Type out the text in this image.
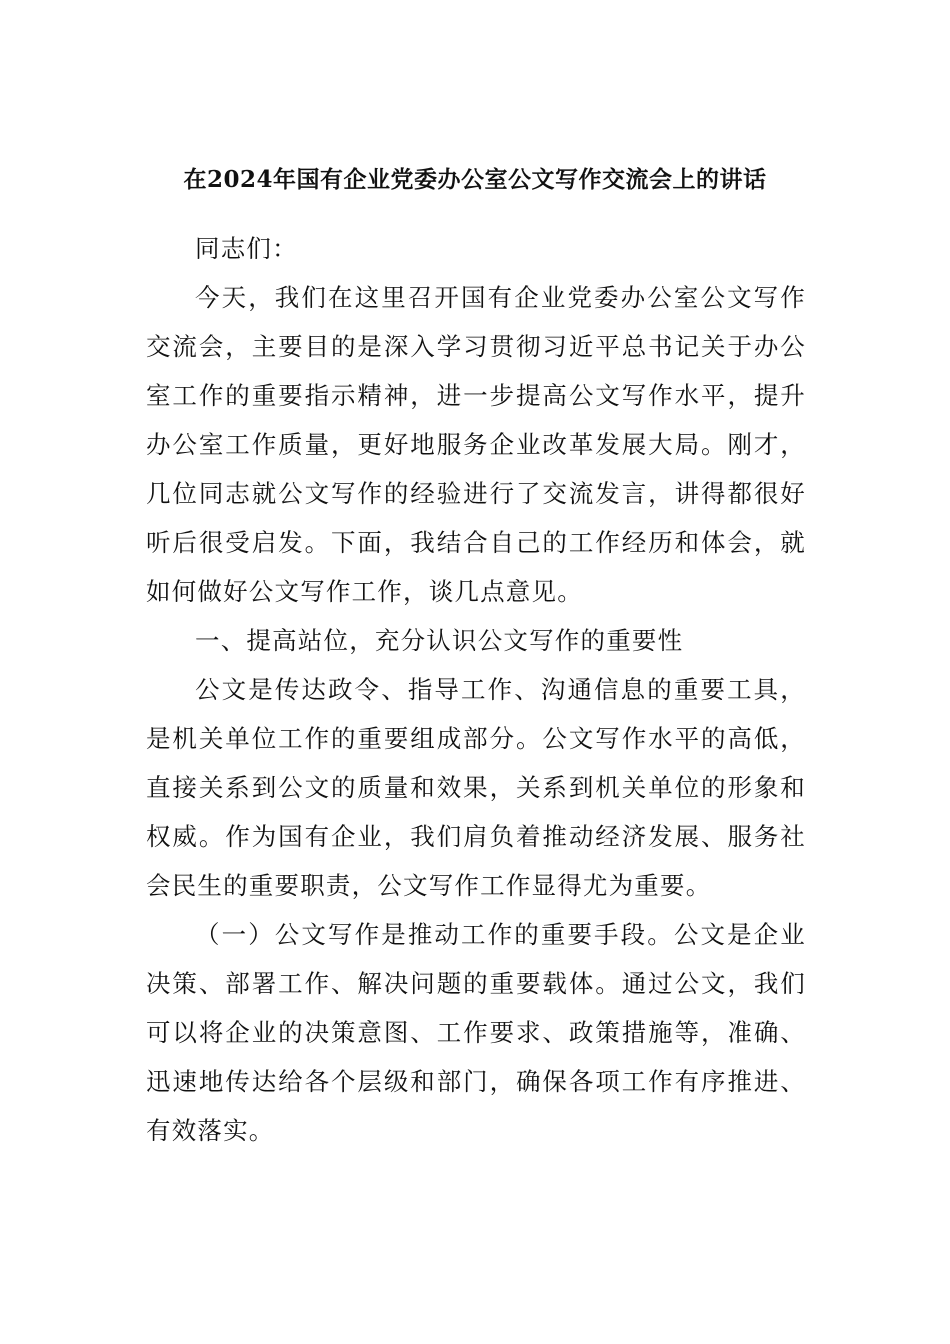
在2024年国有企业党委办公室公文写作交流会上的讲话

同志们：

今天，我们在这里召开国有企业党委办公室公文写作交流会，主要目的是深入学习贯彻习近平总书记关于办公室工作的重要指示精神，进一步提高公文写作水平，提升办公室工作质量，更好地服务企业改革发展大局。刚才，几位同志就公文写作的经验进行了交流发言，讲得都很好听后很受启发。下面，我结合自己的工作经历和体会，就如何做好公文写作工作，谈几点意见。

一、提高站位，充分认识公文写作的重要性

公文是传达政令、指导工作、沟通信息的重要工具，是机关单位工作的重要组成部分。公文写作水平的高低，直接关系到公文的质量和效果，关系到机关单位的形象和权威。作为国有企业，我们肩负着推动经济发展、服务社会民生的重要职责，公文写作工作显得尤为重要。

（一）公文写作是推动工作的重要手段。公文是企业决策、部署工作、解决问题的重要载体。通过公文，我们可以将企业的决策意图、工作要求、政策措施等，准确、迅速地传达给各个层级和部门，确保各项工作有序推进、有效落实。
